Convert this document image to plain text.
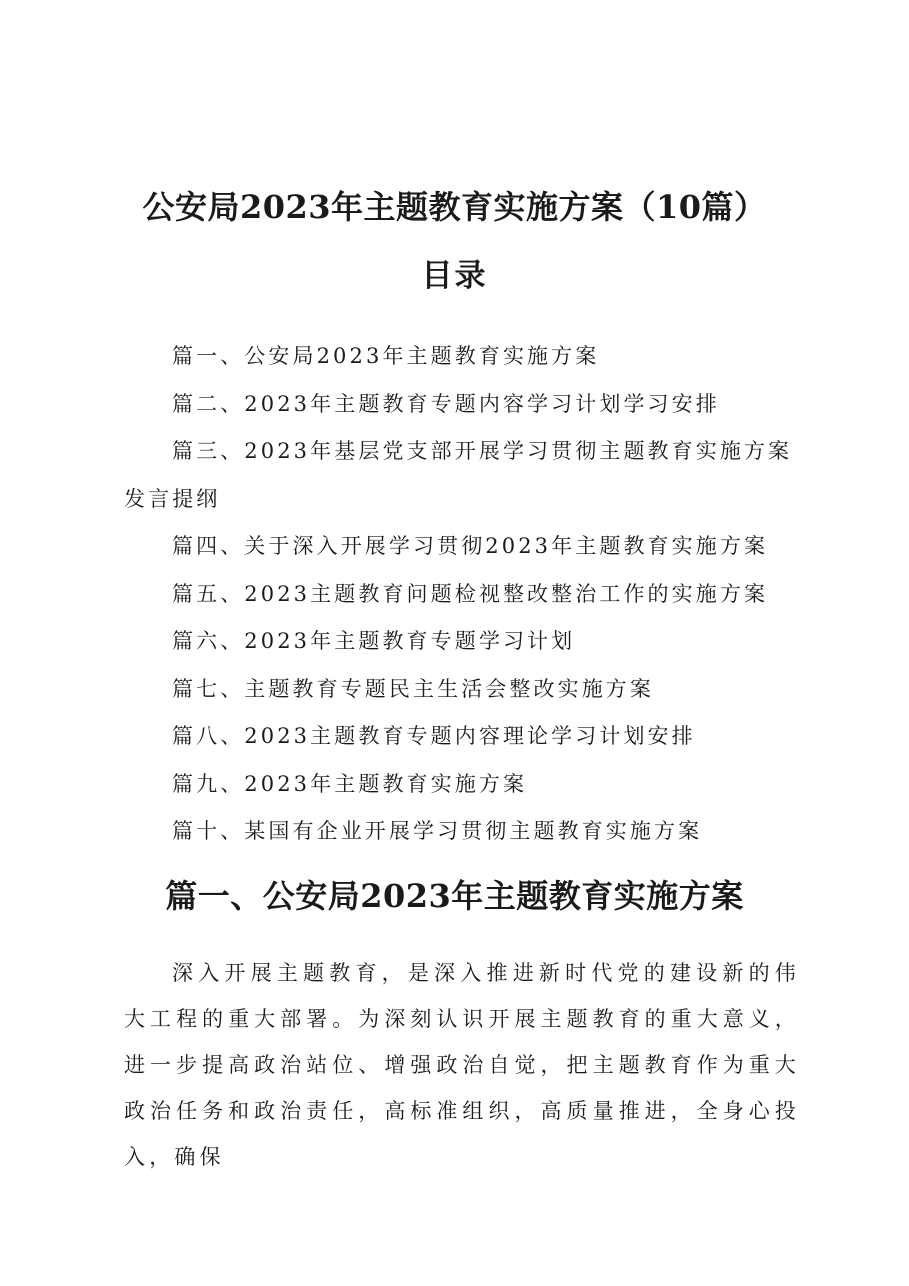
公安局2023年主题教育实施方案（10篇）
目录
篇一、公安局2023年主题教育实施方案
篇二、2023年主题教育专题内容学习计划学习安排
篇三、2023年基层党支部开展学习贯彻主题教育实施方案发言提纲
篇四、关于深入开展学习贯彻2023年主题教育实施方案
篇五、2023主题教育问题检视整改整治工作的实施方案
篇六、2023年主题教育专题学习计划
篇七、主题教育专题民主生活会整改实施方案
篇八、2023主题教育专题内容理论学习计划安排
篇九、2023年主题教育实施方案
篇十、某国有企业开展学习贯彻主题教育实施方案
篇一、公安局2023年主题教育实施方案

深入开展主题教育，是深入推进新时代党的建设新的伟大工程的重大部署。为深刻认识开展主题教育的重大意义，进一步提高政治站位、增强政治自觉，把主题教育作为重大政治任务和政治责任，高标准组织，高质量推进，全身心投入，确保
